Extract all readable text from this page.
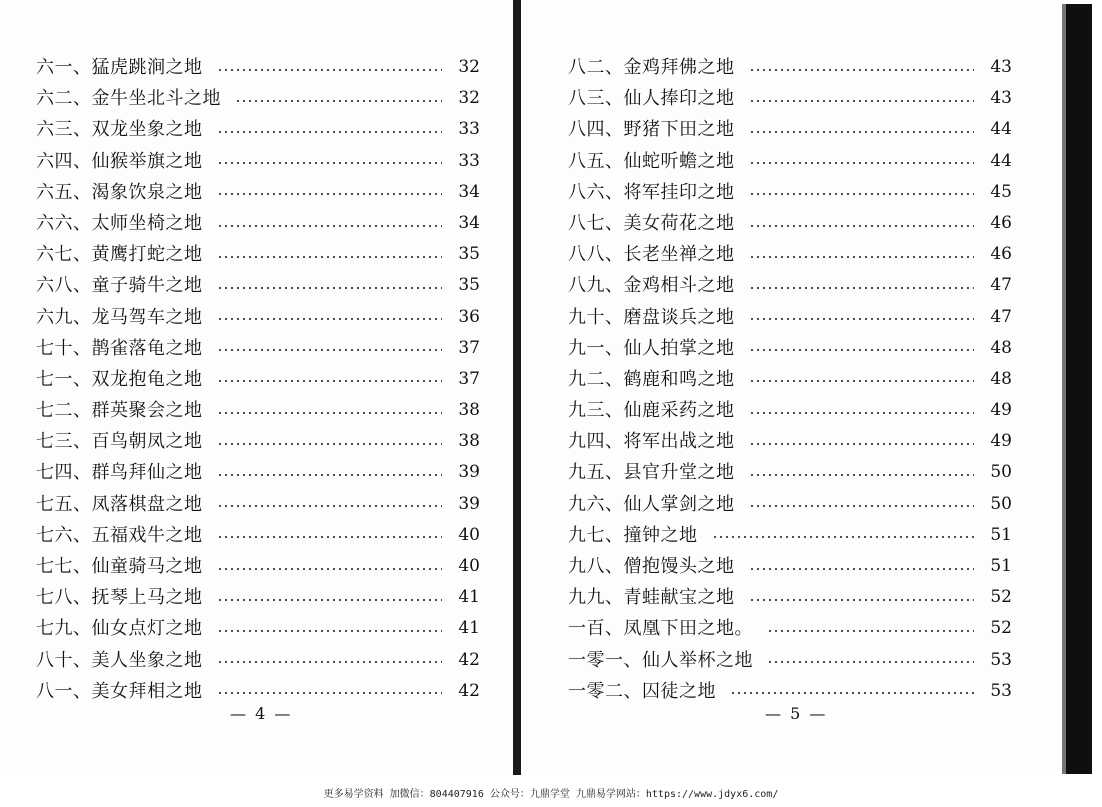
六一、猛虎跳涧之地	32
六二、金牛坐北斗之地	32
六三、双龙坐象之地	33
六四、仙猴举旗之地	33
六五、渴象饮泉之地	34
六六、太师坐椅之地	34
六七、黄鹰打蛇之地	35
六八、童子骑牛之地	35
六九、龙马驾车之地	36
七十、鹊雀落龟之地	37
七一、双龙抱龟之地	37
七二、群英聚会之地	38
七三、百鸟朝凤之地	38
七四、群鸟拜仙之地	39
七五、凤落棋盘之地	39
七六、五福戏牛之地	40
七七、仙童骑马之地	40
七八、抚琴上马之地	41
七九、仙女点灯之地	41
八十、美人坐象之地	42
八一、美女拜相之地	42
八二、金鸡拜佛之地	43
八三、仙人捧印之地	43
八四、野猪下田之地	44
八五、仙蛇听蟾之地	44
八六、将军挂印之地	45
八七、美女荷花之地	46
八八、长老坐禅之地	46
八九、金鸡相斗之地	47
九十、磨盘谈兵之地	47
九一、仙人拍掌之地	48
九二、鹤鹿和鸣之地	48
九三、仙鹿采药之地	49
九四、将军出战之地	49
九五、县官升堂之地	50
九六、仙人掌剑之地	50
九七、撞钟之地	51
九八、僧抱馒头之地	51
九九、青蛙献宝之地	52
一百、凤凰下田之地。	52
一零一、仙人举杯之地	53
一零二、囚徒之地	53
— 4 —	— 5 —
更多易学资料 加微信：804407916 公众号：九鼎学堂 九鼎易学网站：https://www.jdyx6.com/
